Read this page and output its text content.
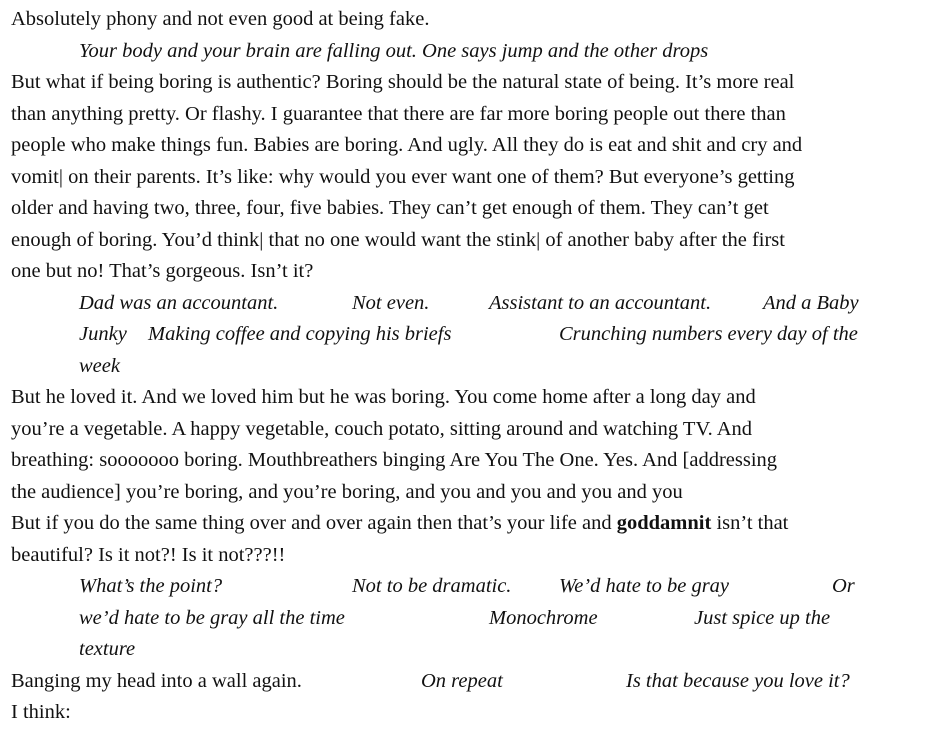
Absolutely phony and not even good at being fake.
Your body and your brain are falling out. One says jump and the other drops
But what if being boring is authentic? Boring should be the natural state of being. It’s more real
than anything pretty. Or flashy. I guarantee that there are far more boring people out there than
people who make things fun. Babies are boring. And ugly. All they do is eat and shit and cry and
vomit| on their parents. It’s like: why would you ever want one of them? But everyone’s getting
older and having two, three, four, five babies. They can’t get enough of them. They can’t get
enough of boring. You’d think| that no one would want the stink| of another baby after the first
one but no! That’s gorgeous. Isn’t it?
Dad was an accountant.	Not even.	Assistant to an accountant.	And a Baby
Junky Making coffee and copying his briefs	Crunching numbers every day of the
week
But he loved it. And we loved him but he was boring. You come home after a long day and
you’re a vegetable. A happy vegetable, couch potato, sitting around and watching TV. And
breathing: sooooooo boring. Mouthbreathers binging Are You The One. Yes. And [addressing
the audience] you’re boring, and you’re boring, and you and you and you and you
But if you do the same thing over and over again then that’s your life and goddamnit isn’t that
beautiful? Is it not?! Is it not???!!
What’s the point?	Not to be dramatic. We’d hate to be gray	Or
we’d hate to be gray all the time	Monochrome	Just spice up the
texture
Banging my head into a wall again.	On repeat	Is that because you love it?
I think:
